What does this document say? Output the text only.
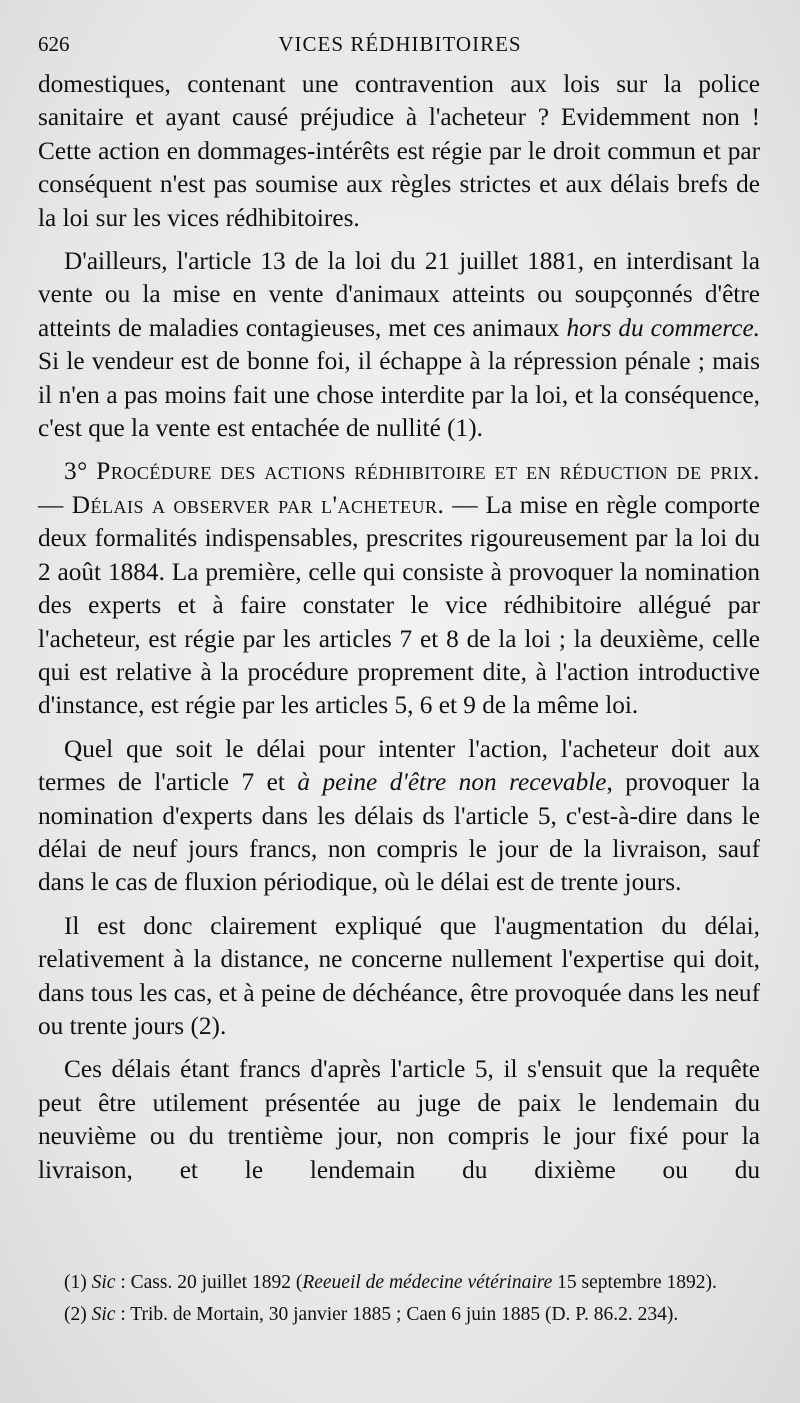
626	VICES RÉDHIBITOIRES

domestiques, contenant une contravention aux lois sur la police sanitaire et ayant causé préjudice à l'acheteur ? Evidemment non ! Cette action en dommages-intérêts est régie par le droit commun et par conséquent n'est pas soumise aux règles strictes et aux délais brefs de la loi sur les vices rédhibitoires.

D'ailleurs, l'article 13 de la loi du 21 juillet 1881, en interdisant la vente ou la mise en vente d'animaux atteints ou soupçonnés d'être atteints de maladies contagieuses, met ces animaux hors du commerce. Si le vendeur est de bonne foi, il échappe à la répression pénale ; mais il n'en a pas moins fait une chose interdite par la loi, et la conséquence, c'est que la vente est entachée de nullité (1).

3° Procédure des actions rédhibitoire et en réduction de prix. — Délais a observer par l'acheteur. — La mise en règle comporte deux formalités indispensables, prescrites rigoureusement par la loi du 2 août 1884. La première, celle qui consiste à provoquer la nomination des experts et à faire constater le vice rédhibitoire allégué par l'acheteur, est régie par les articles 7 et 8 de la loi ; la deuxième, celle qui est relative à la procédure proprement dite, à l'action introductive d'instance, est régie par les articles 5, 6 et 9 de la même loi.

Quel que soit le délai pour intenter l'action, l'acheteur doit aux termes de l'article 7 et à peine d'être non recevable, provoquer la nomination d'experts dans les délais ds l'article 5, c'est-à-dire dans le délai de neuf jours francs, non compris le jour de la livraison, sauf dans le cas de fluxion périodique, où le délai est de trente jours.

Il est donc clairement expliqué que l'augmentation du délai, relativement à la distance, ne concerne nullement l'expertise qui doit, dans tous les cas, et à peine de déchéance, être provoquée dans les neuf ou trente jours (2).

Ces délais étant francs d'après l'article 5, il s'ensuit que la requête peut être utilement présentée au juge de paix le lendemain du neuvième ou du trentième jour, non compris le jour fixé pour la livraison, et le lendemain du dixième ou du

(1) Sic : Cass. 20 juillet 1892 (Reeueil de médecine vétérinaire 15 septembre 1892).

(2) Sic : Trib. de Mortain, 30 janvier 1885 ; Caen 6 juin 1885 (D. P. 86.2. 234).
